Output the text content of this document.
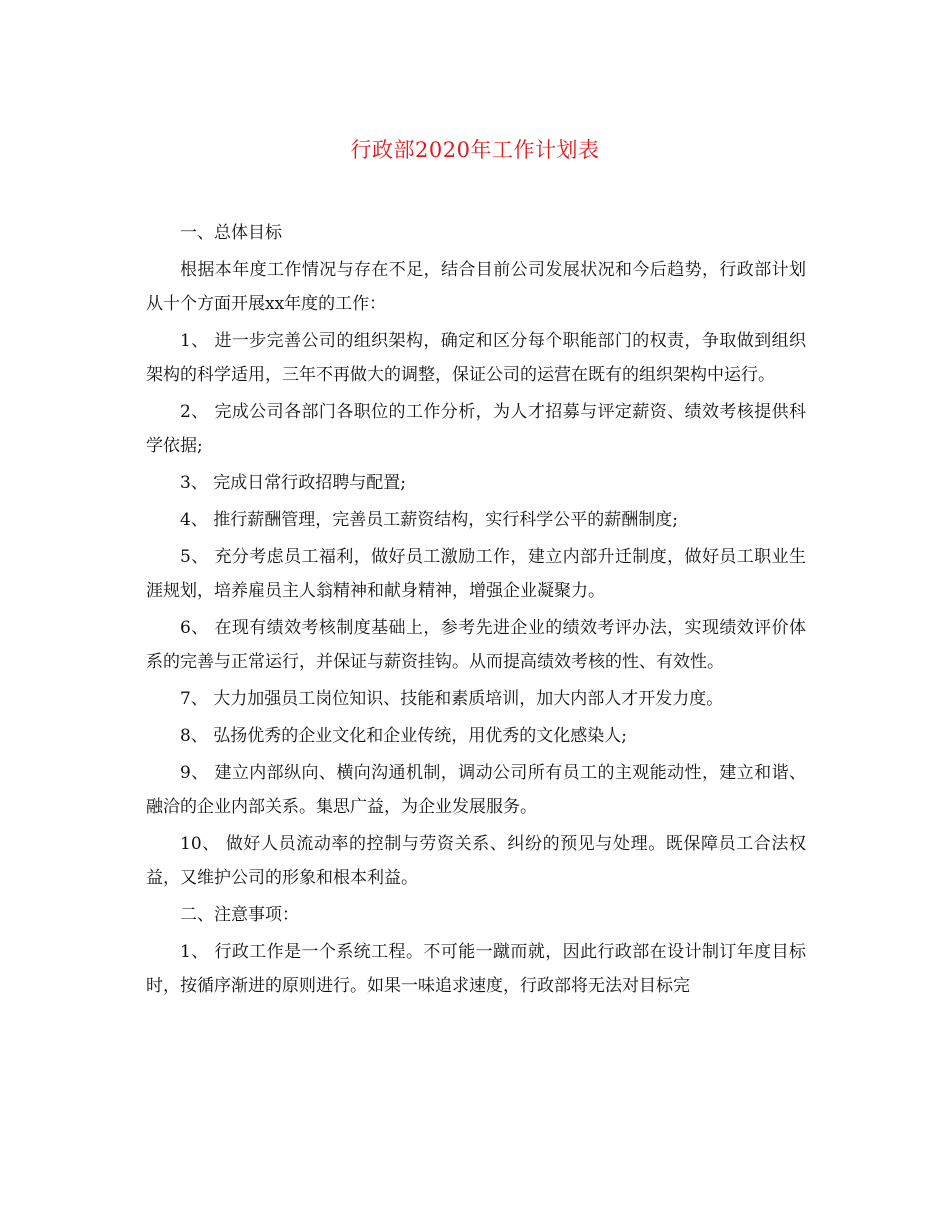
行政部2020年工作计划表

一、总体目标

根据本年度工作情况与存在不足，结合目前公司发展状况和今后趋势，行政部计划从十个方面开展xx年度的工作：

1、 进一步完善公司的组织架构，确定和区分每个职能部门的权责，争取做到组织架构的科学适用，三年不再做大的调整，保证公司的运营在既有的组织架构中运行。

2、 完成公司各部门各职位的工作分析，为人才招募与评定薪资、绩效考核提供科学依据;

3、 完成日常行政招聘与配置;

4、 推行薪酬管理，完善员工薪资结构，实行科学公平的薪酬制度;

5、 充分考虑员工福利，做好员工激励工作，建立内部升迁制度，做好员工职业生涯规划，培养雇员主人翁精神和献身精神，增强企业凝聚力。

6、 在现有绩效考核制度基础上，参考先进企业的绩效考评办法，实现绩效评价体系的完善与正常运行，并保证与薪资挂钩。从而提高绩效考核的性、有效性。

7、 大力加强员工岗位知识、技能和素质培训，加大内部人才开发力度。

8、 弘扬优秀的企业文化和企业传统，用优秀的文化感染人;

9、 建立内部纵向、横向沟通机制，调动公司所有员工的主观能动性，建立和谐、融洽的企业内部关系。集思广益，为企业发展服务。

10、 做好人员流动率的控制与劳资关系、纠纷的预见与处理。既保障员工合法权益，又维护公司的形象和根本利益。

二、注意事项：

1、 行政工作是一个系统工程。不可能一蹴而就，因此行政部在设计制订年度目标时，按循序渐进的原则进行。如果一味追求速度，行政部将无法对目标完
